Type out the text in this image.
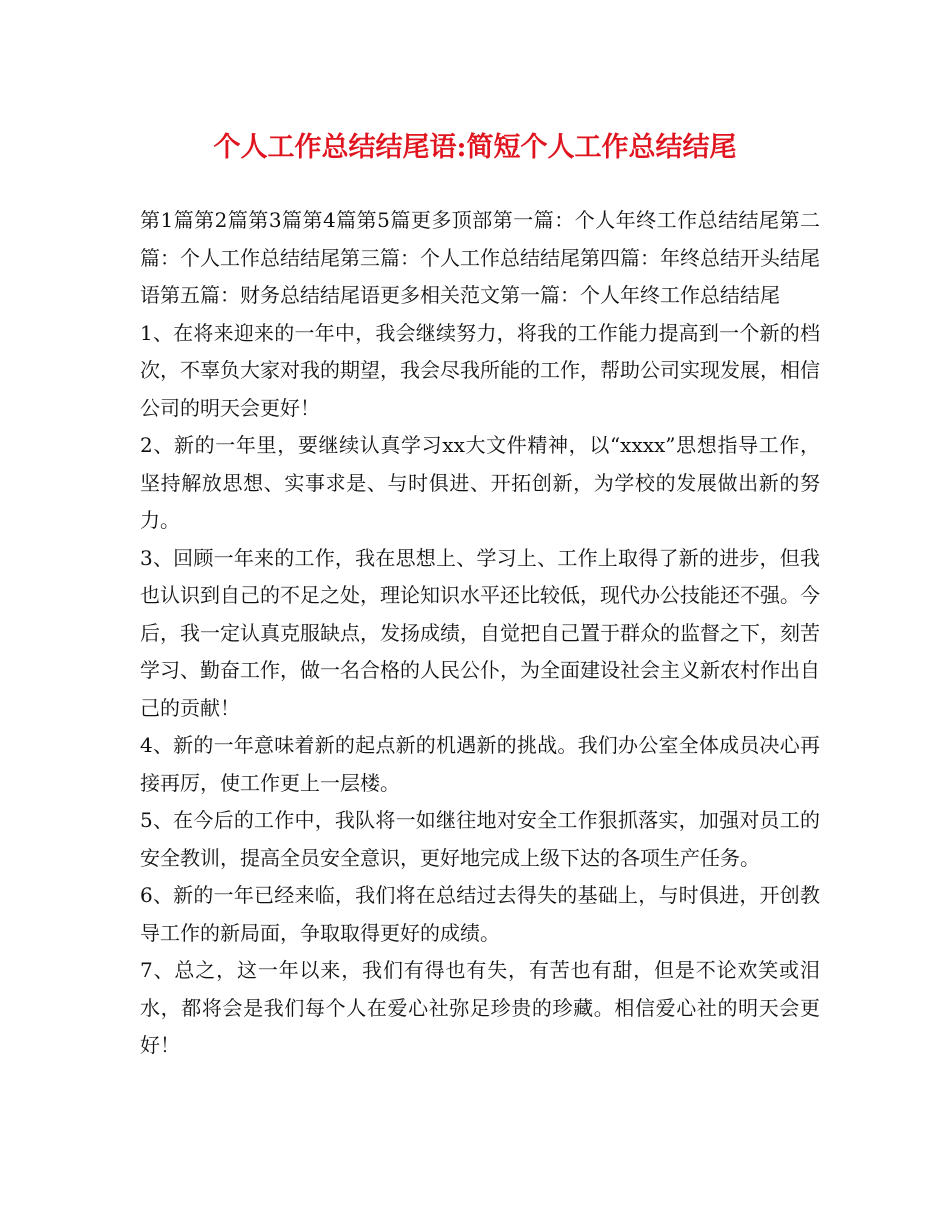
个人工作总结结尾语:简短个人工作总结结尾

第1篇第2篇第3篇第4篇第5篇更多顶部第一篇：个人年终工作总结结尾第二篇：个人工作总结结尾第三篇：个人工作总结结尾第四篇：年终总结开头结尾语第五篇：财务总结结尾语更多相关范文第一篇：个人年终工作总结结尾

1、在将来迎来的一年中，我会继续努力，将我的工作能力提高到一个新的档次，不辜负大家对我的期望，我会尽我所能的工作，帮助公司实现发展，相信公司的明天会更好！

2、新的一年里，要继续认真学习xx大文件精神，以“xxxx”思想指导工作，坚持解放思想、实事求是、与时俱进、开拓创新，为学校的发展做出新的努力。

3、回顾一年来的工作，我在思想上、学习上、工作上取得了新的进步，但我也认识到自己的不足之处，理论知识水平还比较低，现代办公技能还不强。今后，我一定认真克服缺点，发扬成绩，自觉把自己置于群众的监督之下，刻苦学习、勤奋工作，做一名合格的人民公仆，为全面建设社会主义新农村作出自己的贡献！

4、新的一年意味着新的起点新的机遇新的挑战。我们办公室全体成员决心再接再厉，使工作更上一层楼。

5、在今后的工作中，我队将一如继往地对安全工作狠抓落实，加强对员工的安全教训，提高全员安全意识，更好地完成上级下达的各项生产任务。

6、新的一年已经来临，我们将在总结过去得失的基础上，与时俱进，开创教导工作的新局面，争取取得更好的成绩。

7、总之，这一年以来，我们有得也有失，有苦也有甜，但是不论欢笑或泪水，都将会是我们每个人在爱心社弥足珍贵的珍藏。相信爱心社的明天会更好！
